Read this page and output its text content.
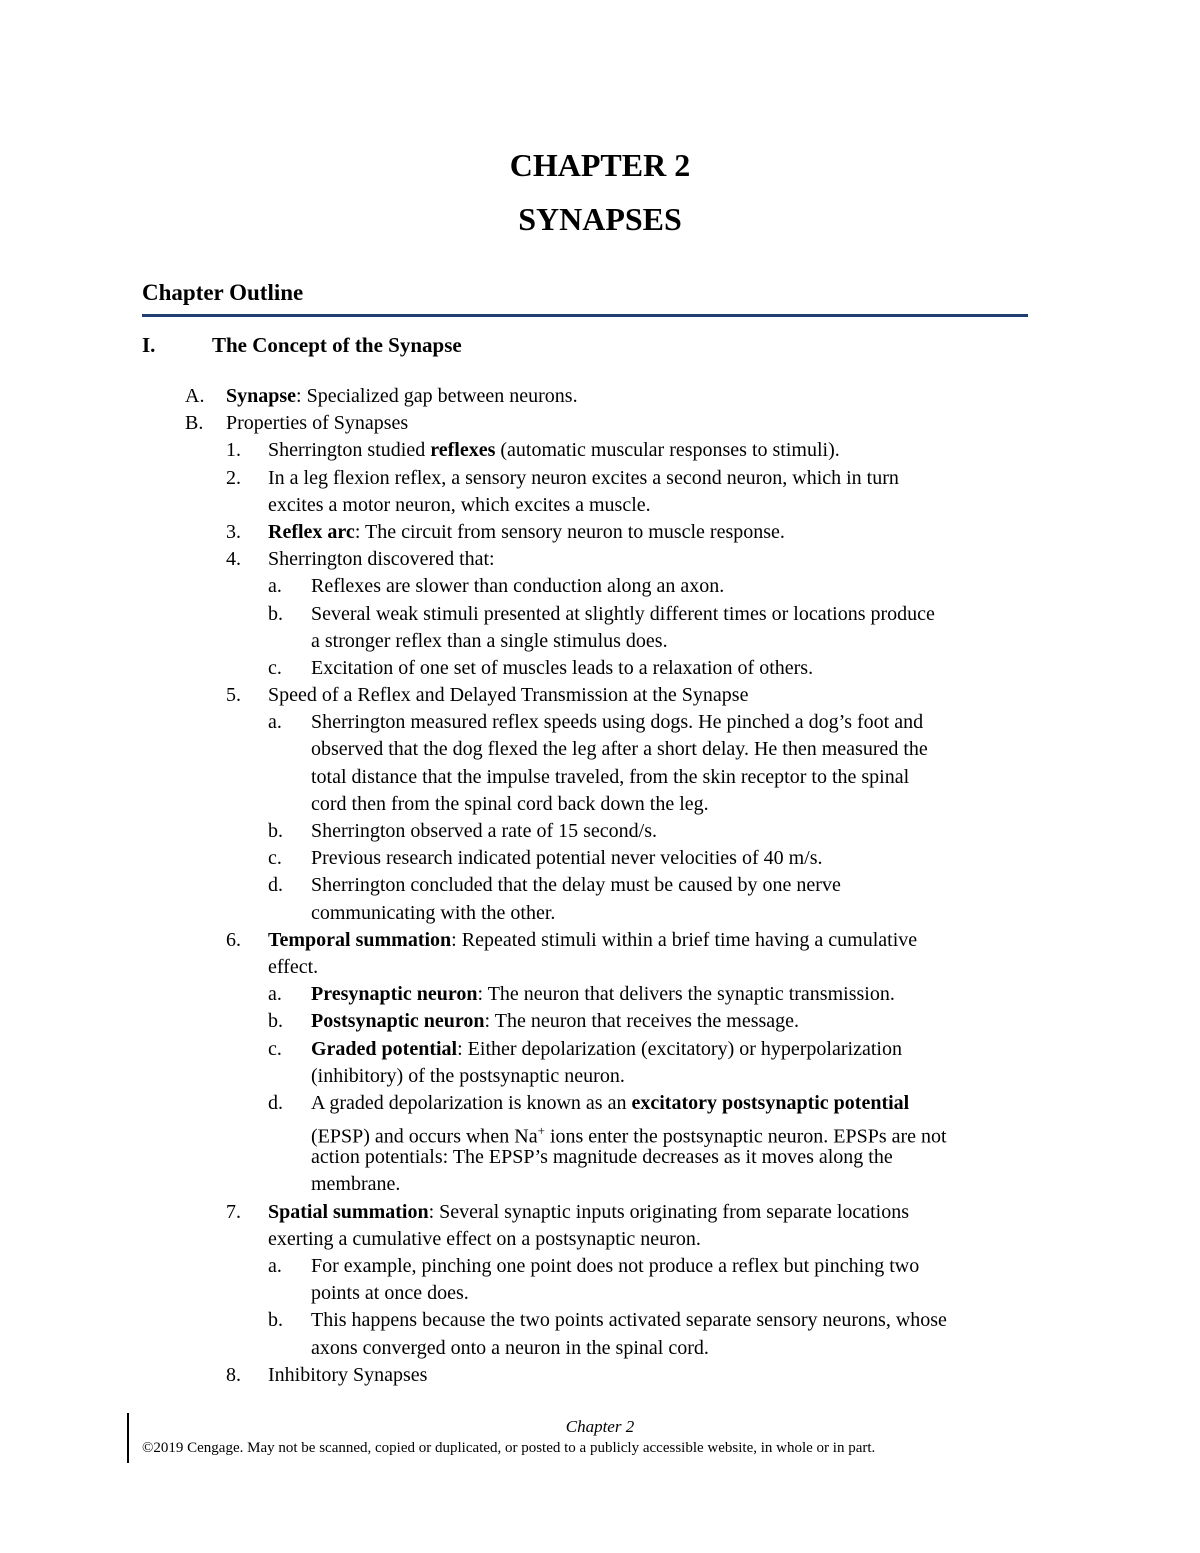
CHAPTER 2
SYNAPSES
Chapter Outline
I.	The Concept of the Synapse
A. Synapse: Specialized gap between neurons.
B. Properties of Synapses
1. Sherrington studied reflexes (automatic muscular responses to stimuli).
2. In a leg flexion reflex, a sensory neuron excites a second neuron, which in turn
excites a motor neuron, which excites a muscle.
3. Reflex arc: The circuit from sensory neuron to muscle response.
4. Sherrington discovered that:
a. Reflexes are slower than conduction along an axon.
b. Several weak stimuli presented at slightly different times or locations produce
a stronger reflex than a single stimulus does.
c. Excitation of one set of muscles leads to a relaxation of others.
5. Speed of a Reflex and Delayed Transmission at the Synapse
a. Sherrington measured reflex speeds using dogs. He pinched a dog’s foot and
observed that the dog flexed the leg after a short delay. He then measured the
total distance that the impulse traveled, from the skin receptor to the spinal
cord then from the spinal cord back down the leg.
b. Sherrington observed a rate of 15 second/s.
c. Previous research indicated potential never velocities of 40 m/s.
d. Sherrington concluded that the delay must be caused by one nerve
communicating with the other.
6. Temporal summation: Repeated stimuli within a brief time having a cumulative
effect.
a. Presynaptic neuron: The neuron that delivers the synaptic transmission.
b. Postsynaptic neuron: The neuron that receives the message.
c. Graded potential: Either depolarization (excitatory) or hyperpolarization
(inhibitory) of the postsynaptic neuron.
d. A graded depolarization is known as an excitatory postsynaptic potential
(EPSP) and occurs when Na+ ions enter the postsynaptic neuron. EPSPs are not
action potentials: The EPSP’s magnitude decreases as it moves along the
membrane.
7. Spatial summation: Several synaptic inputs originating from separate locations
exerting a cumulative effect on a postsynaptic neuron.
a. For example, pinching one point does not produce a reflex but pinching two
points at once does.
b. This happens because the two points activated separate sensory neurons, whose
axons converged onto a neuron in the spinal cord.
8. Inhibitory Synapses
Chapter 2
©2019 Cengage. May not be scanned, copied or duplicated, or posted to a publicly accessible website, in whole or in part.
